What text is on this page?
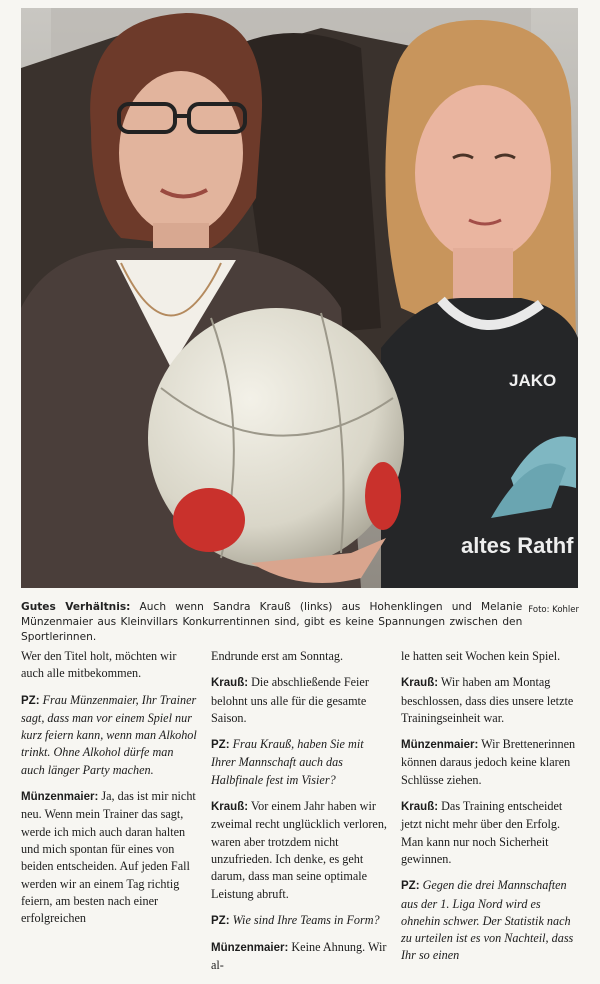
JAKO
altes Rathf
Foto: Kohler
Gutes Verhältnis: Auch wenn Sandra Krauß (links) aus Hohenklingen und Melanie Münzenmaier aus Kleinvillars Konkurrentinnen sind, gibt es keine Spannungen zwischen den Sportlerinnen.

Wer den Titel holt, möchten wir auch alle mitbekommen.

PZ: Frau Münzenmaier, Ihr Trainer sagt, dass man vor einem Spiel nur kurz feiern kann, wenn man Alkohol trinkt. Ohne Alkohol dürfe man auch länger Party machen.

Münzenmaier: Ja, das ist mir nicht neu. Wenn mein Trainer das sagt, werde ich mich auch daran halten und mich spontan für eines von beiden entscheiden. Auf jeden Fall werden wir an einem Tag richtig feiern, am besten nach einer erfolgreichen

Endrunde erst am Sonntag.

Krauß: Die abschließende Feier belohnt uns alle für die gesamte Saison.

PZ: Frau Krauß, haben Sie mit Ihrer Mannschaft auch das Halbfinale fest im Visier?

Krauß: Vor einem Jahr haben wir zweimal recht unglücklich verloren, waren aber trotzdem nicht unzufrieden. Ich denke, es geht darum, dass man seine optimale Leistung abruft.

PZ: Wie sind Ihre Teams in Form?

Münzenmaier: Keine Ahnung. Wir al-

le hatten seit Wochen kein Spiel.

Krauß: Wir haben am Montag beschlossen, dass dies unsere letzte Trainingseinheit war.

Münzenmaier: Wir Brettenerinnen können daraus jedoch keine klaren Schlüsse ziehen.

Krauß: Das Training entscheidet jetzt nicht mehr über den Erfolg. Man kann nur noch Sicherheit gewinnen.

PZ: Gegen die drei Mannschaften aus der 1. Liga Nord wird es ohnehin schwer. Der Statistik nach zu urteilen ist es von Nachteil, dass Ihr so einen
